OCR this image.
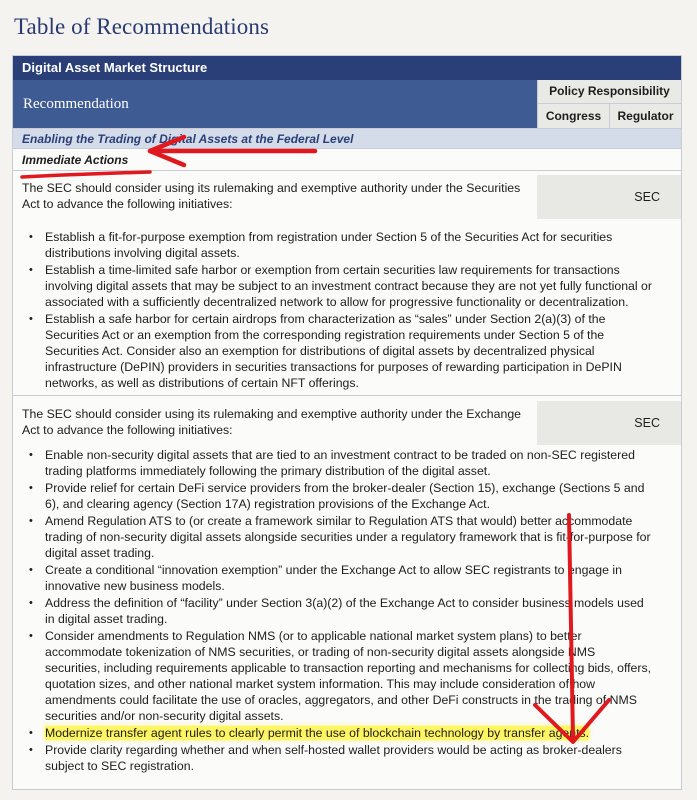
Table of Recommendations
Digital Asset Market Structure
Recommendation
Policy Responsibility
Congress	Regulator
Enabling the Trading of Digital Assets at the Federal Level
Immediate Actions
The SEC should consider using its rulemaking and exemptive authority under the Securities Act to advance the following initiatives:	SEC
• Establish a fit-for-purpose exemption from registration under Section 5 of the Securities Act for securities distributions involving digital assets.
• Establish a time-limited safe harbor or exemption from certain securities law requirements for transactions involving digital assets that may be subject to an investment contract because they are not yet fully functional or associated with a sufficiently decentralized network to allow for progressive functionality or decentralization.
• Establish a safe harbor for certain airdrops from characterization as “sales” under Section 2(a)(3) of the Securities Act or an exemption from the corresponding registration requirements under Section 5 of the Securities Act. Consider also an exemption for distributions of digital assets by decentralized physical infrastructure (DePIN) providers in securities transactions for purposes of rewarding participation in DePIN networks, as well as distributions of certain NFT offerings.
The SEC should consider using its rulemaking and exemptive authority under the Exchange Act to advance the following initiatives:	SEC
• Enable non-security digital assets that are tied to an investment contract to be traded on non-SEC registered trading platforms immediately following the primary distribution of the digital asset.
• Provide relief for certain DeFi service providers from the broker-dealer (Section 15), exchange (Sections 5 and 6), and clearing agency (Section 17A) registration provisions of the Exchange Act.
• Amend Regulation ATS to (or create a framework similar to Regulation ATS that would) better accommodate trading of non-security digital assets alongside securities under a regulatory framework that is fit-for-purpose for digital asset trading.
• Create a conditional “innovation exemption” under the Exchange Act to allow SEC registrants to engage in innovative new business models.
• Address the definition of “facility” under Section 3(a)(2) of the Exchange Act to consider business models used in digital asset trading.
• Consider amendments to Regulation NMS (or to applicable national market system plans) to better accommodate tokenization of NMS securities, or trading of non-security digital assets alongside NMS securities, including requirements applicable to transaction reporting and mechanisms for collecting bids, offers, quotation sizes, and other national market system information. This may include consideration of how amendments could facilitate the use of oracles, aggregators, and other DeFi constructs in the trading of NMS securities and/or non-security digital assets.
• Modernize transfer agent rules to clearly permit the use of blockchain technology by transfer agents.
• Provide clarity regarding whether and when self-hosted wallet providers would be acting as broker-dealers subject to SEC registration.
